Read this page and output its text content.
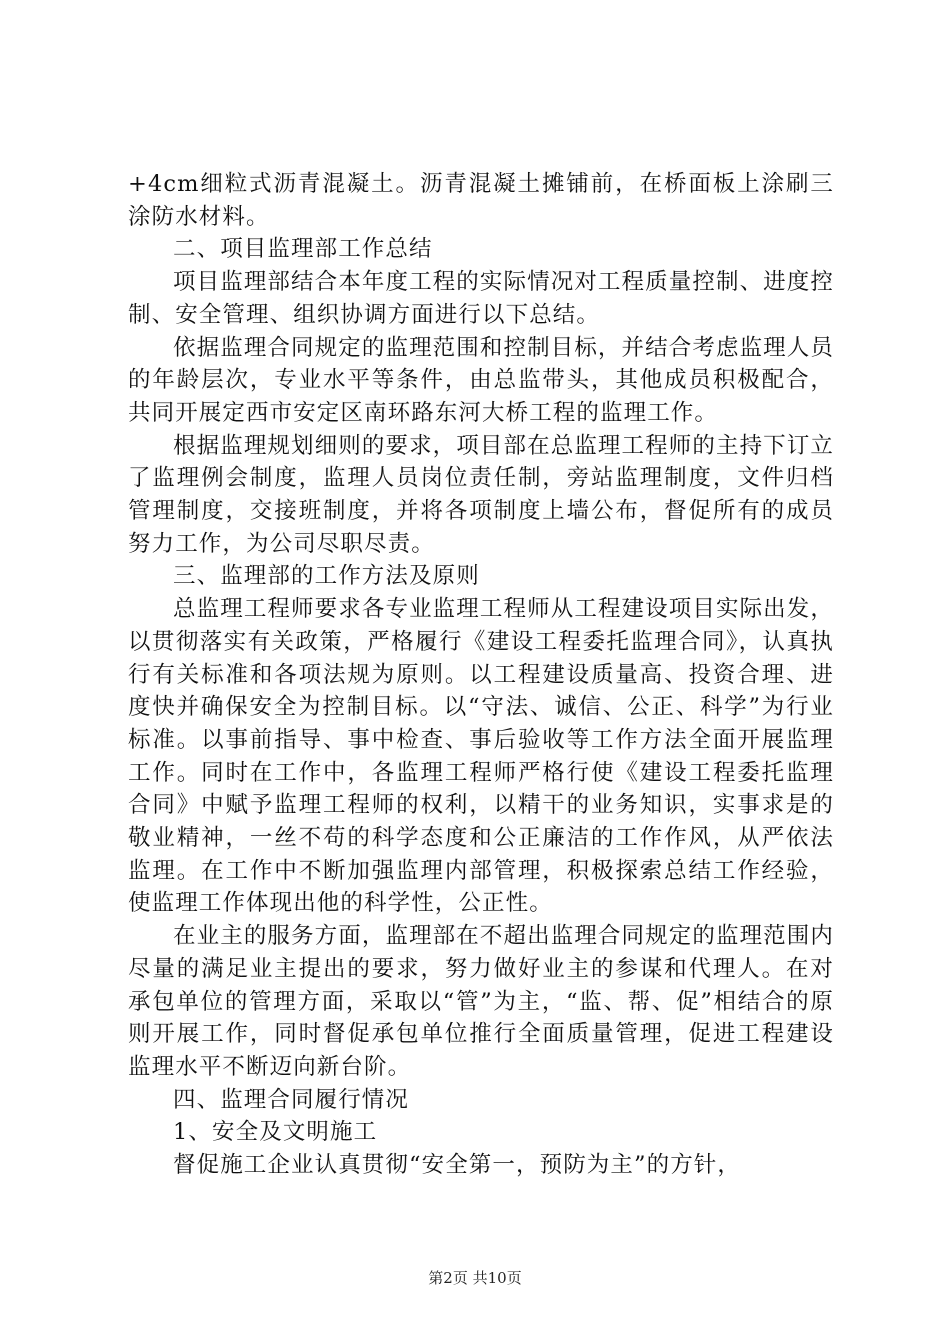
+4cm细粒式沥青混凝土。沥青混凝土摊铺前，在桥面板上涂刷三涂防水材料。

二、项目监理部工作总结

项目监理部结合本年度工程的实际情况对工程质量控制、进度控制、安全管理、组织协调方面进行以下总结。

依据监理合同规定的监理范围和控制目标，并结合考虑监理人员的年龄层次，专业水平等条件，由总监带头，其他成员积极配合，共同开展定西市安定区南环路东河大桥工程的监理工作。

根据监理规划细则的要求，项目部在总监理工程师的主持下订立了监理例会制度，监理人员岗位责任制，旁站监理制度，文件归档管理制度，交接班制度，并将各项制度上墙公布，督促所有的成员努力工作，为公司尽职尽责。

三、监理部的工作方法及原则

总监理工程师要求各专业监理工程师从工程建设项目实际出发，以贯彻落实有关政策，严格履行《建设工程委托监理合同》，认真执行有关标准和各项法规为原则。以工程建设质量高、投资合理、进度快并确保安全为控制目标。以“守法、诚信、公正、科学”为行业标准。以事前指导、事中检查、事后验收等工作方法全面开展监理工作。同时在工作中，各监理工程师严格行使《建设工程委托监理合同》中赋予监理工程师的权利，以精干的业务知识，实事求是的敬业精神，一丝不苟的科学态度和公正廉洁的工作作风，从严依法监理。在工作中不断加强监理内部管理，积极探索总结工作经验，使监理工作体现出他的科学性，公正性。

在业主的服务方面，监理部在不超出监理合同规定的监理范围内尽量的满足业主提出的要求，努力做好业主的参谋和代理人。在对承包单位的管理方面，采取以“管”为主，“监、帮、促”相结合的原则开展工作，同时督促承包单位推行全面质量管理，促进工程建设监理水平不断迈向新台阶。

四、监理合同履行情况

1、安全及文明施工

督促施工企业认真贯彻“安全第一，预防为主”的方针，

第2页 共10页
